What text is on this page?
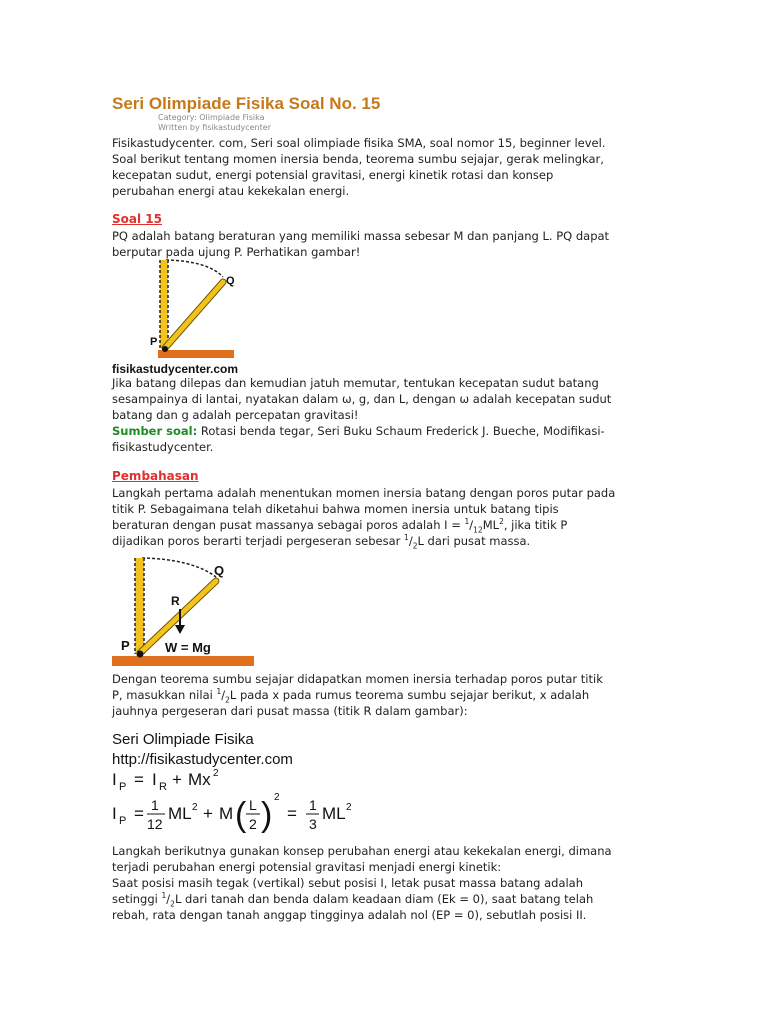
Seri Olimpiade Fisika Soal No. 15
Category: Olimpiade Fisika
Written by fisikastudycenter
Fisikastudycenter. com, Seri soal olimpiade fisika SMA, soal nomor 15, beginner level.
Soal berikut tentang momen inersia benda, teorema sumbu sejajar, gerak melingkar,
kecepatan sudut, energi potensial gravitasi, energi kinetik rotasi dan konsep
perubahan energi atau kekekalan energi.
Soal 15
PQ adalah batang beraturan yang memiliki massa sebesar M dan panjang L. PQ dapat
berputar pada ujung P. Perhatikan gambar!
Q
P
fisikastudycenter.com
Jika batang dilepas dan kemudian jatuh memutar, tentukan kecepatan sudut batang
sesampainya di lantai, nyatakan dalam ω, g, dan L, dengan ω adalah kecepatan sudut
batang dan g adalah percepatan gravitasi!
Sumber soal: Rotasi benda tegar, Seri Buku Schaum Frederick J. Bueche, Modifikasi-
fisikastudycenter.
Pembahasan
Langkah pertama adalah menentukan momen inersia batang dengan poros putar pada
titik P. Sebagaimana telah diketahui bahwa momen inersia untuk batang tipis
beraturan dengan pusat massanya sebagai poros adalah $I = ^1/_{12}ML^2$, jika titik P
dijadikan poros berarti terjadi pergeseran sebesar $^1/_2L$ dari pusat massa.
Q
R
P	W = Mg
Dengan teorema sumbu sejajar didapatkan momen inersia terhadap poros putar titik
P, masukkan nilai $^1/_2L$ pada x pada rumus teorema sumbu sejajar berikut, x adalah
jauhnya pergeseran dari pusat massa (titik R dalam gambar):
Seri Olimpiade Fisika
http://fisikastudycenter.com
I P = I R + Mx 2
I P = 1
12
ML 2 + M ( L
2 ) 2
= 1
3
ML 2
Langkah berikutnya gunakan konsep perubahan energi atau kekekalan energi, dimana
terjadi perubahan energi potensial gravitasi menjadi energi kinetik:
Saat posisi masih tegak (vertikal) sebut posisi I, letak pusat massa batang adalah
setinggi $^1/_2L$ dari tanah dan benda dalam keadaan diam (Ek = 0), saat batang telah
rebah, rata dengan tanah anggap tingginya adalah nol (EP = 0), sebutlah posisi II.
